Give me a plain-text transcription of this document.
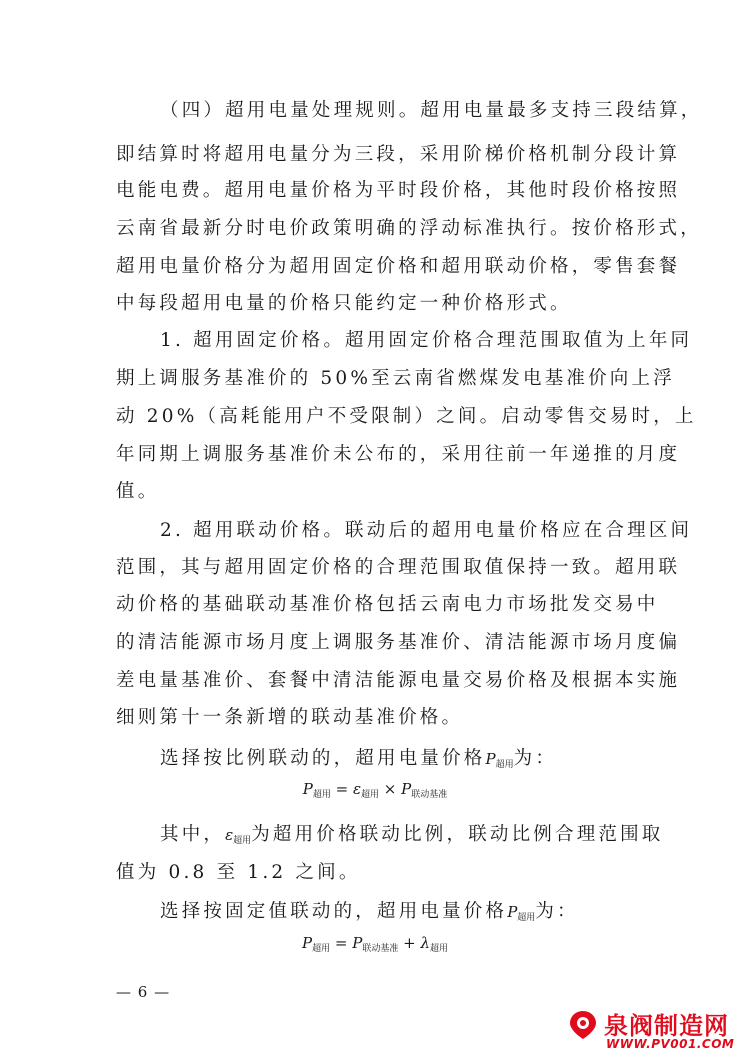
（四）超用电量处理规则。超用电量最多支持三段结算，
即结算时将超用电量分为三段，采用阶梯价格机制分段计算
电能电费。超用电量价格为平时段价格，其他时段价格按照
云南省最新分时电价政策明确的浮动标准执行。按价格形式，
超用电量价格分为超用固定价格和超用联动价格，零售套餐
中每段超用电量的价格只能约定一种价格形式。
1. 超用固定价格。超用固定价格合理范围取值为上年同
期上调服务基准价的 50%至云南省燃煤发电基准价向上浮
动 20%（高耗能用户不受限制）之间。启动零售交易时，上
年同期上调服务基准价未公布的，采用往前一年递推的月度
值。
2. 超用联动价格。联动后的超用电量价格应在合理区间
范围，其与超用固定价格的合理范围取值保持一致。超用联
动价格的基础联动基准价格包括云南电力市场批发交易中
的清洁能源市场月度上调服务基准价、清洁能源市场月度偏
差电量基准价、套餐中清洁能源电量交易价格及根据本实施
细则第十一条新增的联动基准价格。
选择按比例联动的，超用电量价格$P_{超用}$为：
$P_{超用} = \varepsilon_{超用} \times P_{联动基准}$
其中，$\varepsilon_{超用}$为超用价格联动比例，联动比例合理范围取
值为 0.8 至 1.2 之间。
选择按固定值联动的，超用电量价格$P_{超用}$为：
$P_{超用} = P_{联动基准} + \lambda_{超用}$
— 6 —
泉阀制造网
WWW.PV001.COM
